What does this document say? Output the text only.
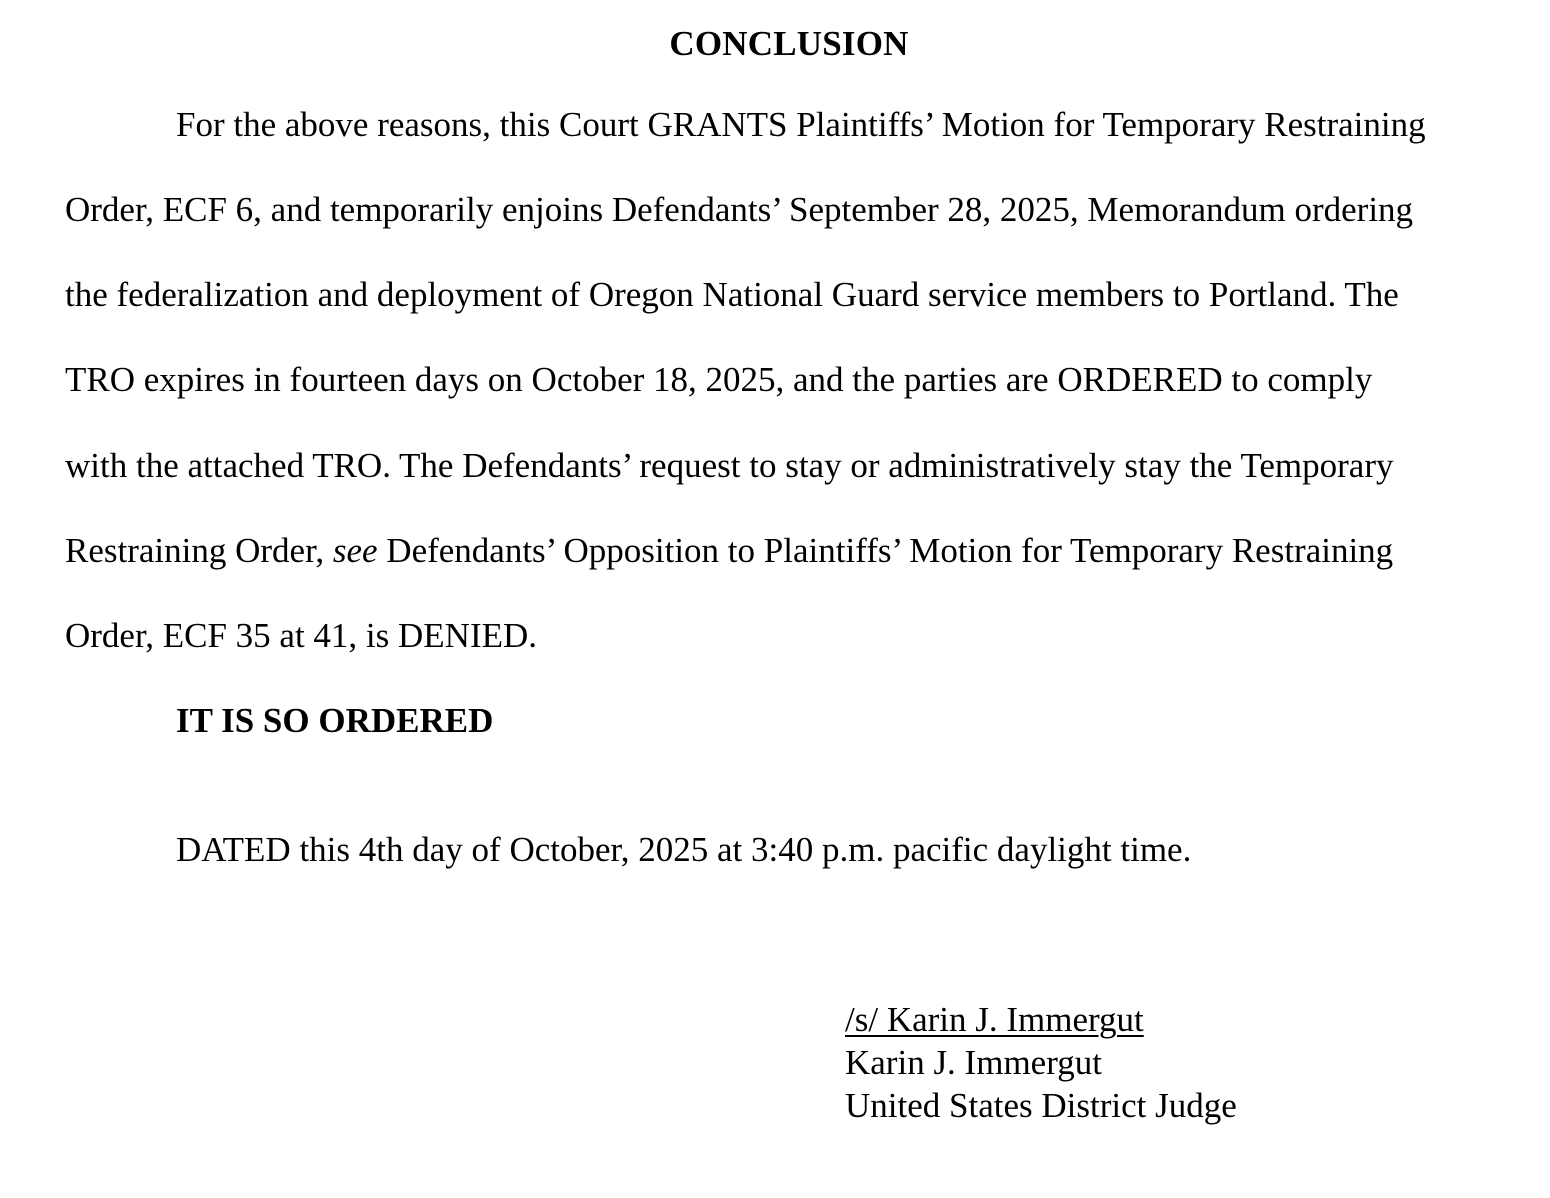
CONCLUSION
For the above reasons, this Court GRANTS Plaintiffs’ Motion for Temporary Restraining
Order, ECF 6, and temporarily enjoins Defendants’ September 28, 2025, Memorandum ordering
the federalization and deployment of Oregon National Guard service members to Portland. The
TRO expires in fourteen days on October 18, 2025, and the parties are ORDERED to comply
with the attached TRO. The Defendants’ request to stay or administratively stay the Temporary
Restraining Order, see Defendants’ Opposition to Plaintiffs’ Motion for Temporary Restraining
Order, ECF 35 at 41, is DENIED.
IT IS SO ORDERED
DATED this 4th day of October, 2025 at 3:40 p.m. pacific daylight time.
/s/ Karin J. Immergut
Karin J. Immergut
United States District Judge
